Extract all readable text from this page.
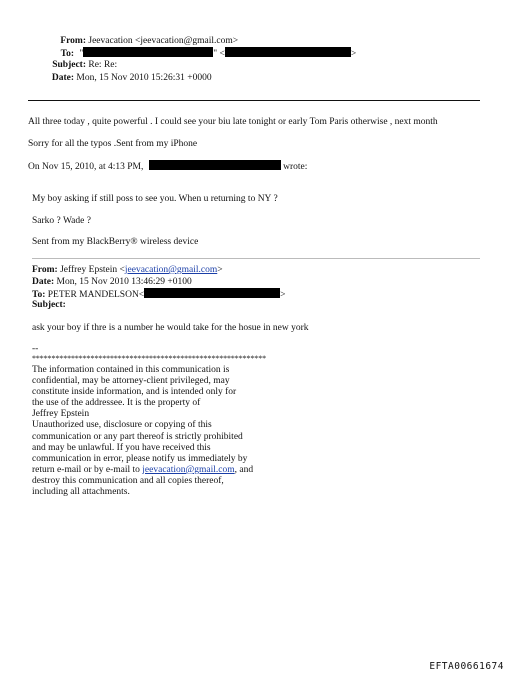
From: Jeevacation <jeevacation@gmail.com>
To: "	" <	>
Subject: Re: Re:
Date: Mon, 15 Nov 2010 15:26:31 +0000
All three today , quite powerful . I could see your biu late tonight or early Tom Paris otherwise , next month
Sorry for all the typos .Sent from my iPhone
On Nov 15, 2010, at 4:13 PM,	wrote:
My boy asking if still poss to see you. When u returning to NY ?
Sarko ? Wade ?
Sent from my BlackBerry® wireless device
From: Jeffrey Epstein <jeevacation@gmail.com>
Date: Mon, 15 Nov 2010 13:46:29 +0100
To: PETER MANDELSON<	>
Subject:
ask your boy if thre is a number he would take for the hosue in new york
--
************************************************************
The information contained in this communication is
confidential, may be attorney-client privileged, may
constitute inside information, and is intended only for
the use of the addressee. It is the property of
Jeffrey Epstein
Unauthorized use, disclosure or copying of this
communication or any part thereof is strictly prohibited
and may be unlawful. If you have received this
communication in error, please notify us immediately by
return e-mail or by e-mail to jeevacation@gmail.com, and
destroy this communication and all copies thereof,
including all attachments.
EFTA00661674
